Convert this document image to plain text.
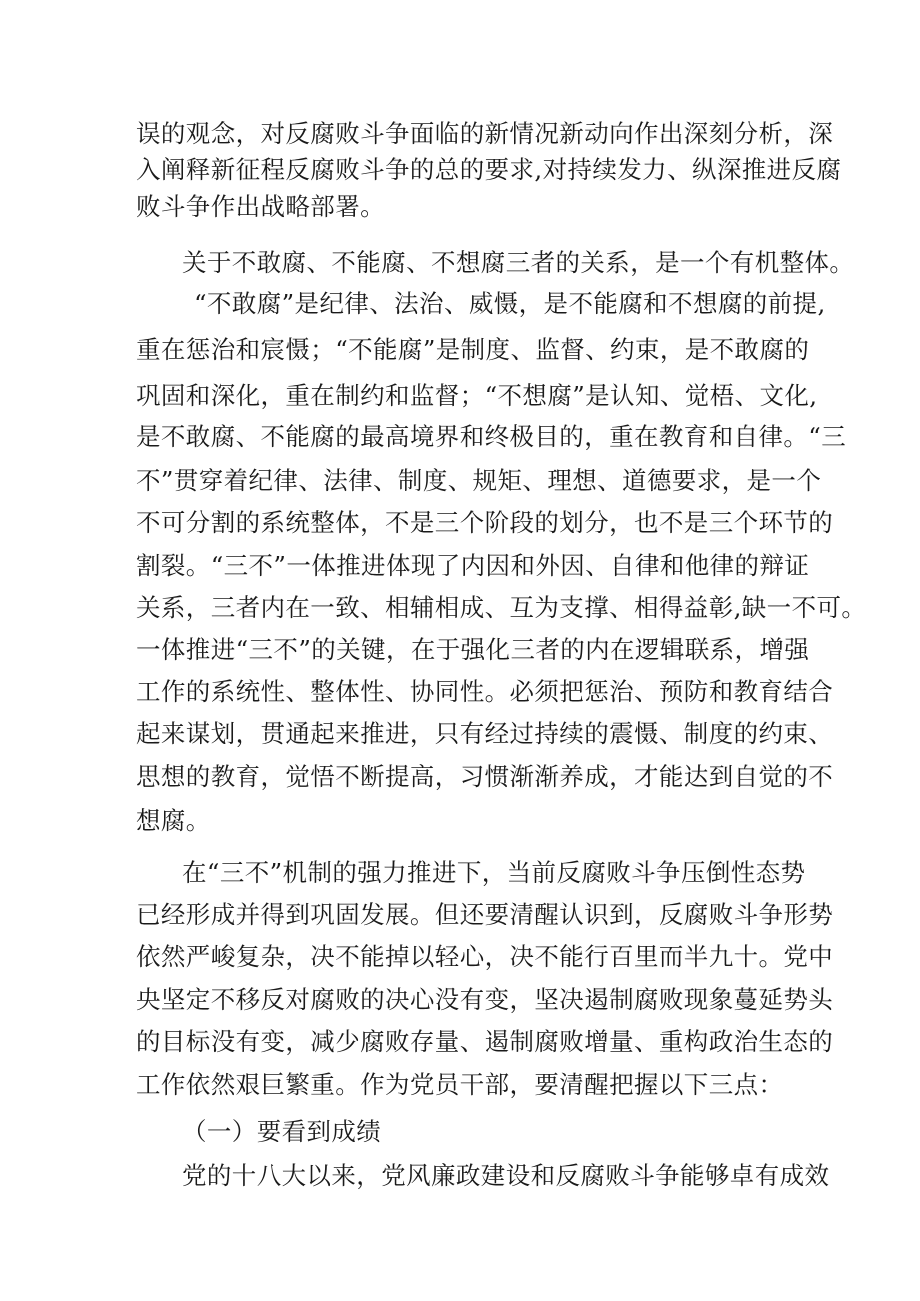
误的观念，对反腐败斗争面临的新情况新动向作出深刻分析，深
入阐释新征程反腐败斗争的总的要求,对持续发力、纵深推进反腐
败斗争作出战略部署。
关于不敢腐、不能腐、不想腐三者的关系，是一个有机整体。
“不敢腐”是纪律、法治、威慑，是不能腐和不想腐的前提,
重在惩治和宸慑；“不能腐”是制度、监督、约束，是不敢腐的
巩固和深化，重在制约和监督；“不想腐”是认知、觉梧、文化,
是不敢腐、不能腐的最高境界和终极目的，重在教育和自律。“三
不”贯穿着纪律、法律、制度、规矩、理想、道德要求，是一个
不可分割的系统整体，不是三个阶段的划分，也不是三个环节的
割裂。“三不”一体推进体现了内因和外因、自律和他律的辩证
关系，三者内在一致、相辅相成、互为支撑、相得益彰,缺一不可。
一体推进“三不”的关键，在于强化三者的内在逻辑联系，增强
工作的系统性、整体性、协同性。必须把惩治、预防和教育结合
起来谋划，贯通起来推进，只有经过持续的震慑、制度的约束、
思想的教育，觉悟不断提高，习惯渐渐养成，才能达到自觉的不
想腐。
在“三不”机制的强力推进下，当前反腐败斗争压倒性态势
已经形成并得到巩固发展。但还要清醒认识到，反腐败斗争形势
依然严峻复杂，决不能掉以轻心，决不能行百里而半九十。党中
央坚定不移反对腐败的决心没有变，坚决遏制腐败现象蔓延势头
的目标没有变，减少腐败存量、遏制腐败增量、重构政治生态的
工作依然艰巨繁重。作为党员干部，要清醒把握以下三点：
（一）要看到成绩
党的十八大以来，党风廉政建设和反腐败斗争能够卓有成效
